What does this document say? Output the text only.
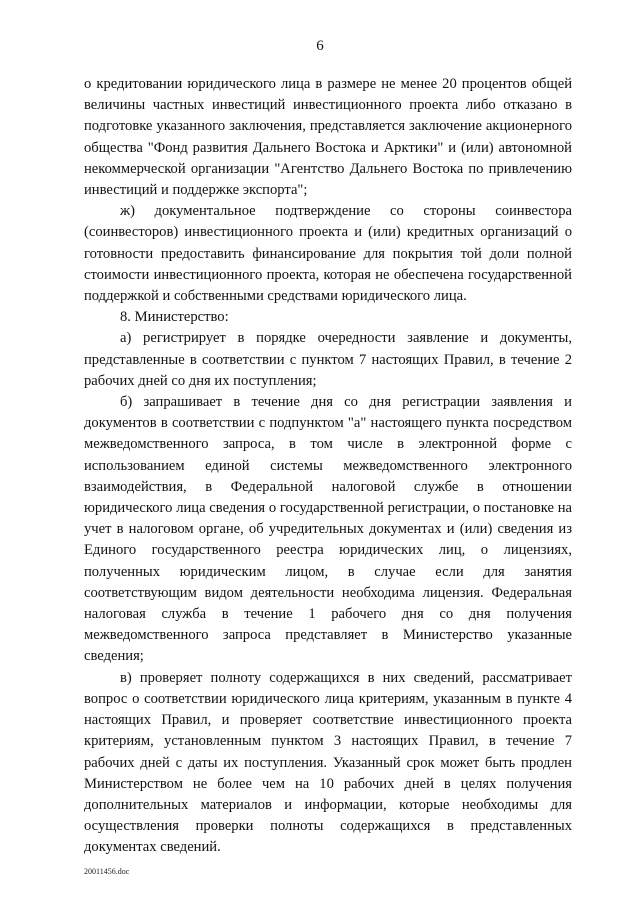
6

о кредитовании юридического лица в размере не менее 20 процентов общей величины частных инвестиций инвестиционного проекта либо отказано в подготовке указанного заключения, представляется заключение акционерного общества "Фонд развития Дальнего Востока и Арктики" и (или) автономной некоммерческой организации "Агентство Дальнего Востока по привлечению инвестиций и поддержке экспорта";

ж) документальное подтверждение со стороны соинвестора (соинвесторов) инвестиционного проекта и (или) кредитных организаций о готовности предоставить финансирование для покрытия той доли полной стоимости инвестиционного проекта, которая не обеспечена государственной поддержкой и собственными средствами юридического лица.

8. Министерство:

а) регистрирует в порядке очередности заявление и документы, представленные в соответствии с пунктом 7 настоящих Правил, в течение 2 рабочих дней со дня их поступления;

б) запрашивает в течение дня со дня регистрации заявления и документов в соответствии с подпунктом "а" настоящего пункта посредством межведомственного запроса, в том числе в электронной форме с использованием единой системы межведомственного электронного взаимодействия, в Федеральной налоговой службе в отношении юридического лица сведения о государственной регистрации, о постановке на учет в налоговом органе, об учредительных документах и (или) сведения из Единого государственного реестра юридических лиц, о лицензиях, полученных юридическим лицом, в случае если для занятия соответствующим видом деятельности необходима лицензия. Федеральная налоговая служба в течение 1 рабочего дня со дня получения межведомственного запроса представляет в Министерство указанные сведения;

в) проверяет полноту содержащихся в них сведений, рассматривает вопрос о соответствии юридического лица критериям, указанным в пункте 4 настоящих Правил, и проверяет соответствие инвестиционного проекта критериям, установленным пунктом 3 настоящих Правил, в течение 7 рабочих дней с даты их поступления. Указанный срок может быть продлен Министерством не более чем на 10 рабочих дней в целях получения дополнительных материалов и информации, которые необходимы для осуществления проверки полноты содержащихся в представленных документах сведений.

20011456.doc
